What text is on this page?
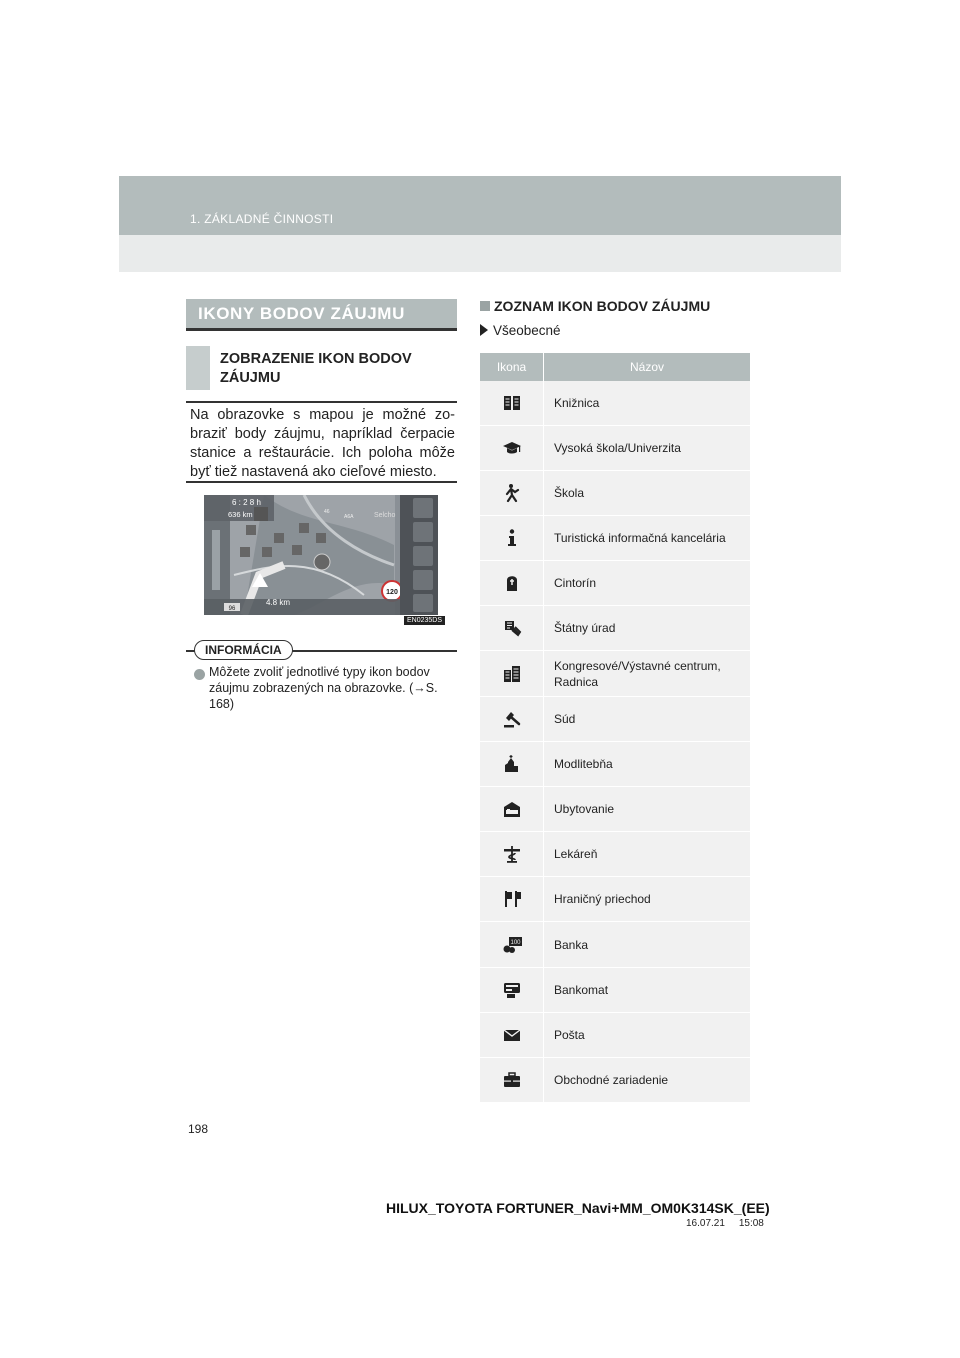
1. ZÁKLADNÉ ČINNOSTI
IKONY BODOV ZÁUJMU
ZOBRAZENIE IKON BODOV ZÁUJMU
Na obrazovke s mapou je možné zo-braziť body záujmu, napríklad čerpacie stanice a reštaurácie. Ich poloha môže byť tiež nastavená ako cieľové miesto.
6 : 2 8 h
636 km	Selcho
46
A6A
120
4.8 km
96
EN0235DS
INFORMÁCIA
Môžete zvoliť jednotlivé typy ikon bodov záujmu zobrazených na obrazovke. (→S. 168)
ZOZNAM IKON BODOV ZÁUJMU
Všeobecné
Ikona	Názov
Knižnica
Vysoká škola/Univerzita
Škola
Turistická informačná kancelária
Cintorín
Štátny úrad
Kongresové/Výstavné centrum, Radnica
Súd
Modlitebňa
Ubytovanie
Lekáreň
Hraničný priechod
100	Banka
Bankomat
Pošta
Obchodné zariadenie
198
HILUX_TOYOTA FORTUNER_Navi+MM_OM0K314SK_(EE)
16.07.21     15:08
